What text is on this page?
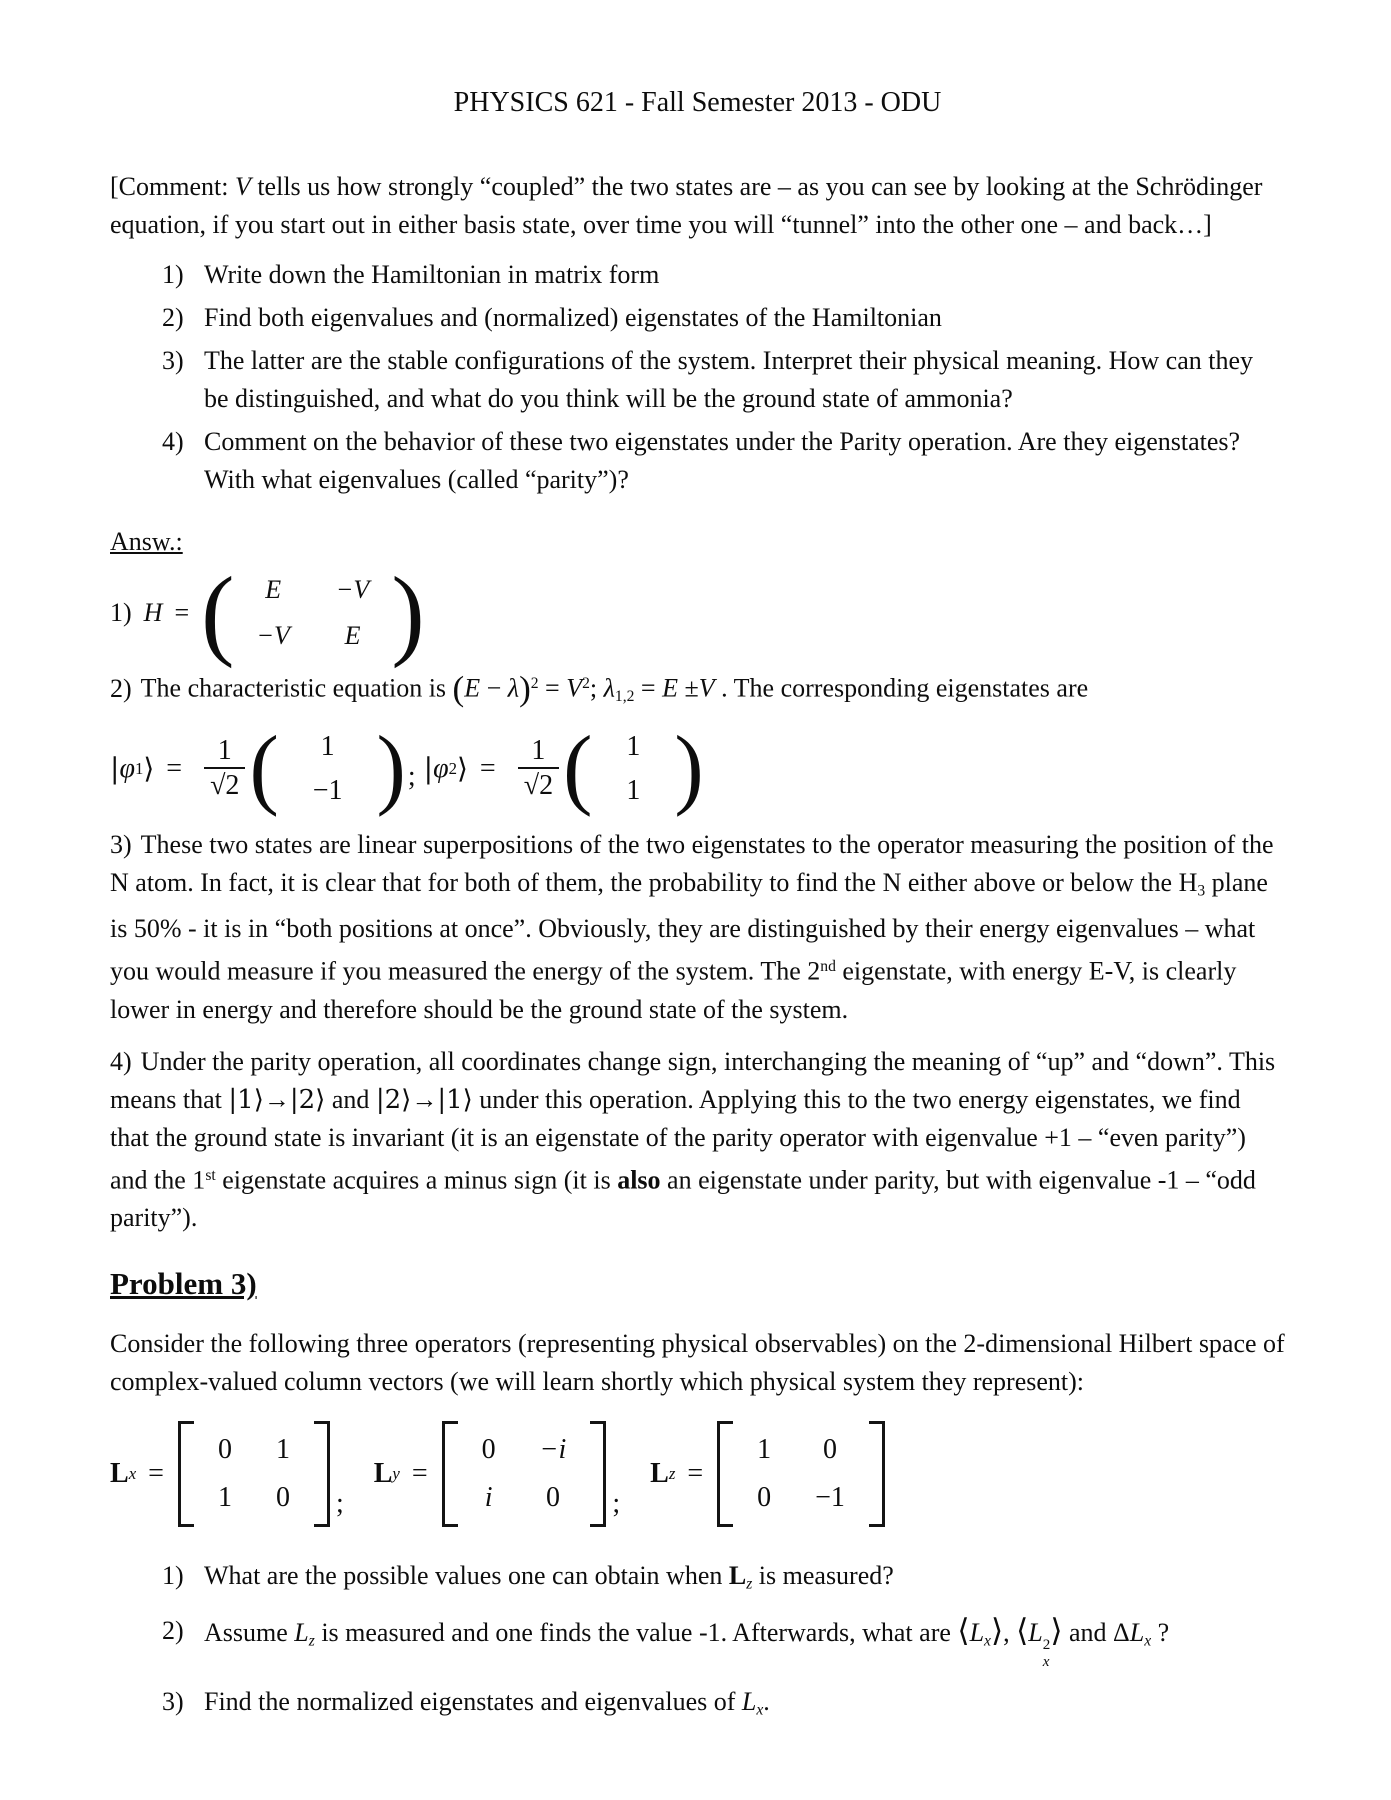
PHYSICS 621 - Fall Semester 2013 - ODU

[Comment: V tells us how strongly “coupled” the two states are – as you can see by looking at the Schrödinger equation, if you start out in either basis state, over time you will “tunnel” into the other one – and back…]

1) Write down the Hamiltonian in matrix form
2) Find both eigenvalues and (normalized) eigenstates of the Hamiltonian
3) The latter are the stable configurations of the system. Interpret their physical meaning. How can they be distinguished, and what do you think will be the ground state of ammonia?
4) Comment on the behavior of these two eigenstates under the Parity operation. Are they eigenstates? With what eigenvalues (called “parity”)?

Answ.:

1) H = (	E	−V
−V	E )

2) The characteristic equation is $(E - \lambda)^2 = V^2$; λ1,2 = E ±V . The corresponding eigenstates are

| φ 1 ⟩ = $\frac{1}{√2}$ ( 1
−1 ) ; | φ 2 ⟩ = $\frac{1}{√2}$ ( 1
1 )

3) These two states are linear superpositions of the two eigenstates to the operator measuring the position of the N atom. In fact, it is clear that for both of them, the probability to find the N either above or below the H3 plane is 50% - it is in “both positions at once”. Obviously, they are distinguished by their energy eigenvalues – what you would measure if you measured the energy of the system. The 2nd eigenstate, with energy E-V, is clearly lower in energy and therefore should be the ground state of the system.

4) Under the parity operation, all coordinates change sign, interchanging the meaning of “up” and “down”. This means that |1⟩→|2⟩ and |2⟩→|1⟩ under this operation. Applying this to the two energy eigenstates, we find that the ground state is invariant (it is an eigenstate of the parity operator with eigenvalue +1 – “even parity”) and the 1st eigenstate acquires a minus sign (it is also an eigenstate under parity, but with eigenvalue -1 – “odd parity”).

Problem 3)

Consider the following three operators (representing physical observables) on the 2-dimensional Hilbert space of complex-valued column vectors (we will learn shortly which physical system they represent):

L x =
0 1
1 0 ;
L y =
0 −i
i 0 ;
L z =
1 0
0 −1
1) What are the possible values one can obtain when Lz is measured?
2) Assume Lz is measured and one finds the value -1. Afterwards, what are ⟨Lx⟩, ⟨L 2
x
⟩ and ΔLx ?
3) Find the normalized eigenstates and eigenvalues of Lx.
